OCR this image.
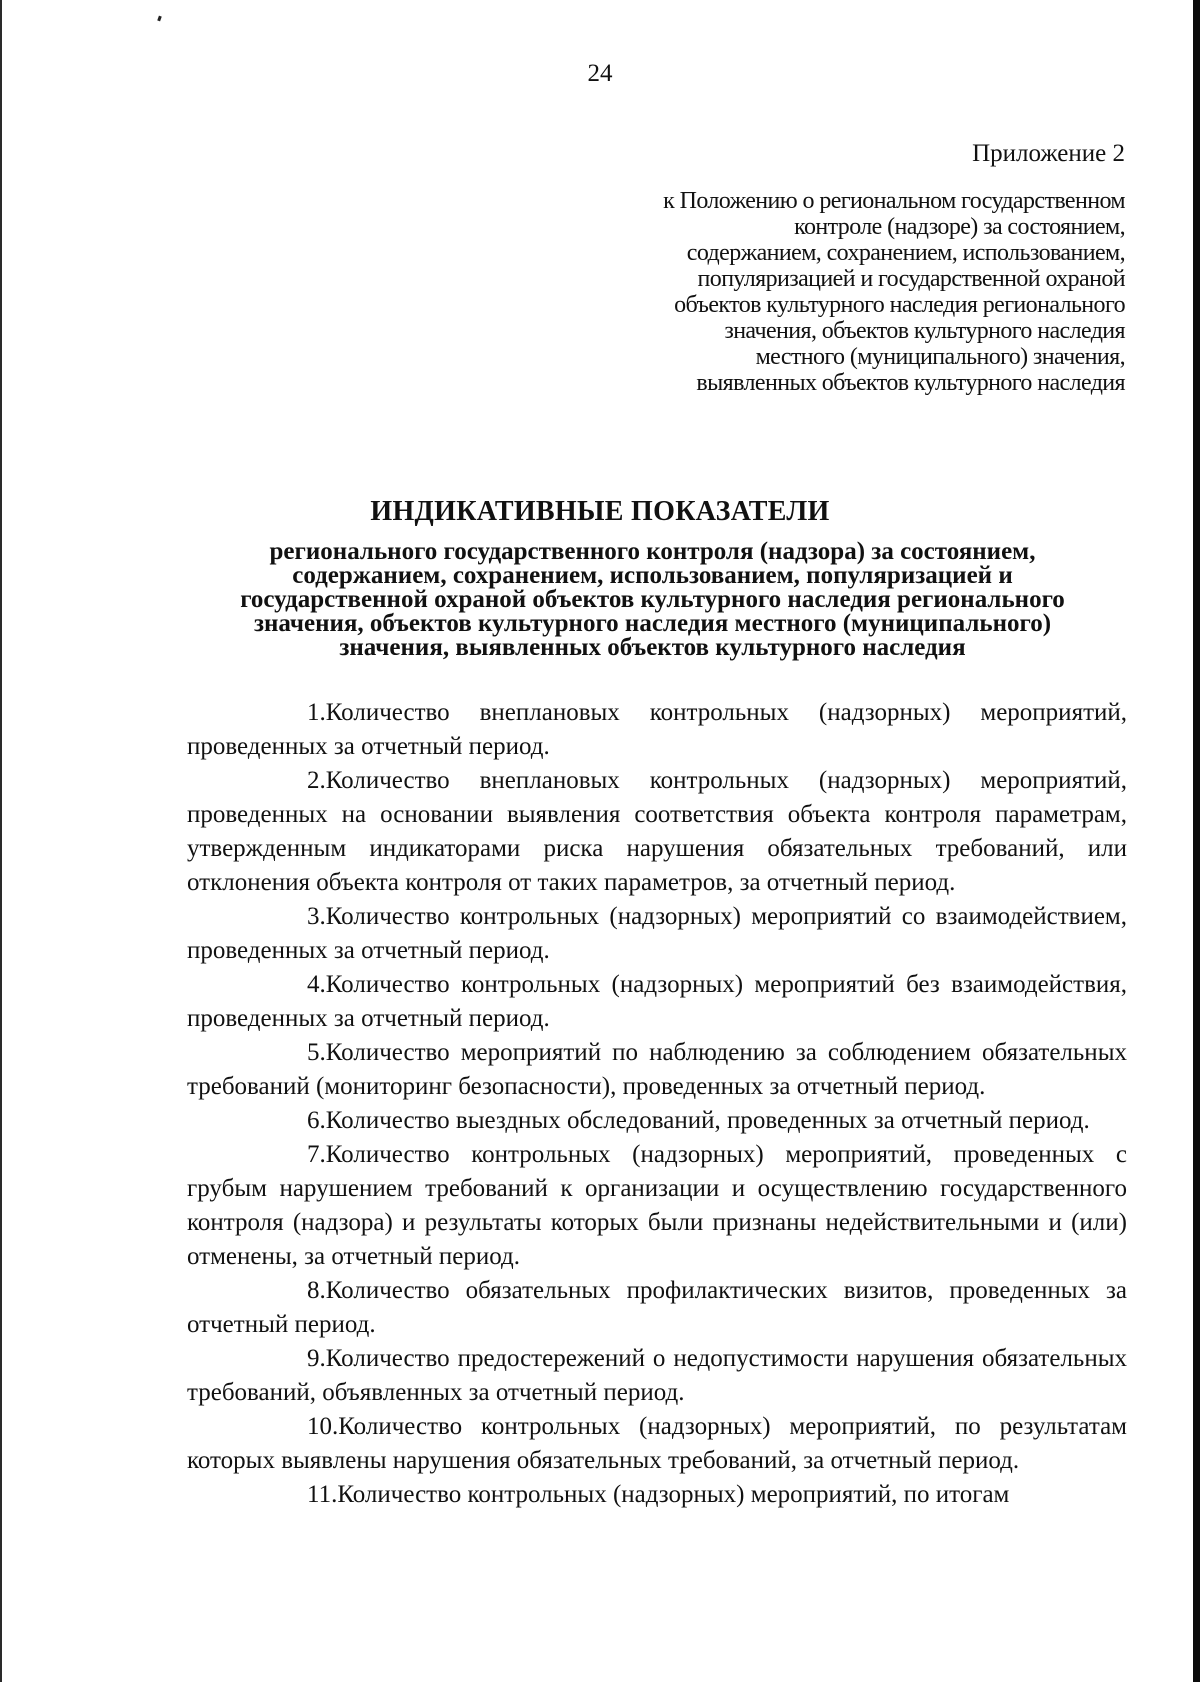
24
Приложение 2
к Положению о региональном государственном
контроле (надзоре) за состоянием,
содержанием, сохранением, использованием,
популяризацией и государственной охраной
объектов культурного наследия регионального
значения, объектов культурного наследия
местного (муниципального) значения,
выявленных объектов культурного наследия
ИНДИКАТИВНЫЕ ПОКАЗАТЕЛИ
регионального государственного контроля (надзора) за состоянием,
содержанием, сохранением, использованием, популяризацией и
государственной охраной объектов культурного наследия регионального
значения, объектов культурного наследия местного (муниципального)
значения, выявленных объектов культурного наследия

1.Количество внеплановых контрольных (надзорных) мероприятий, проведенных за отчетный период.

2.Количество внеплановых контрольных (надзорных) мероприятий, проведенных на основании выявления соответствия объекта контроля параметрам, утвержденным индикаторами риска нарушения обязательных требований, или отклонения объекта контроля от таких параметров, за отчетный период.

3.Количество контрольных (надзорных) мероприятий со взаимодействием, проведенных за отчетный период.

4.Количество контрольных (надзорных) мероприятий без взаимодействия, проведенных за отчетный период.

5.Количество мероприятий по наблюдению за соблюдением обязательных требований (мониторинг безопасности), проведенных за отчетный период.

6.Количество выездных обследований, проведенных за отчетный период.

7.Количество контрольных (надзорных) мероприятий, проведенных с грубым нарушением требований к организации и осуществлению государственного контроля (надзора) и результаты которых были признаны недействительными и (или) отменены, за отчетный период.

8.Количество обязательных профилактических визитов, проведенных за отчетный период.

9.Количество предостережений о недопустимости нарушения обязательных требований, объявленных за отчетный период.

10.Количество контрольных (надзорных) мероприятий, по результатам которых выявлены нарушения обязательных требований, за отчетный период.

11.Количество контрольных (надзорных) мероприятий, по итогам
